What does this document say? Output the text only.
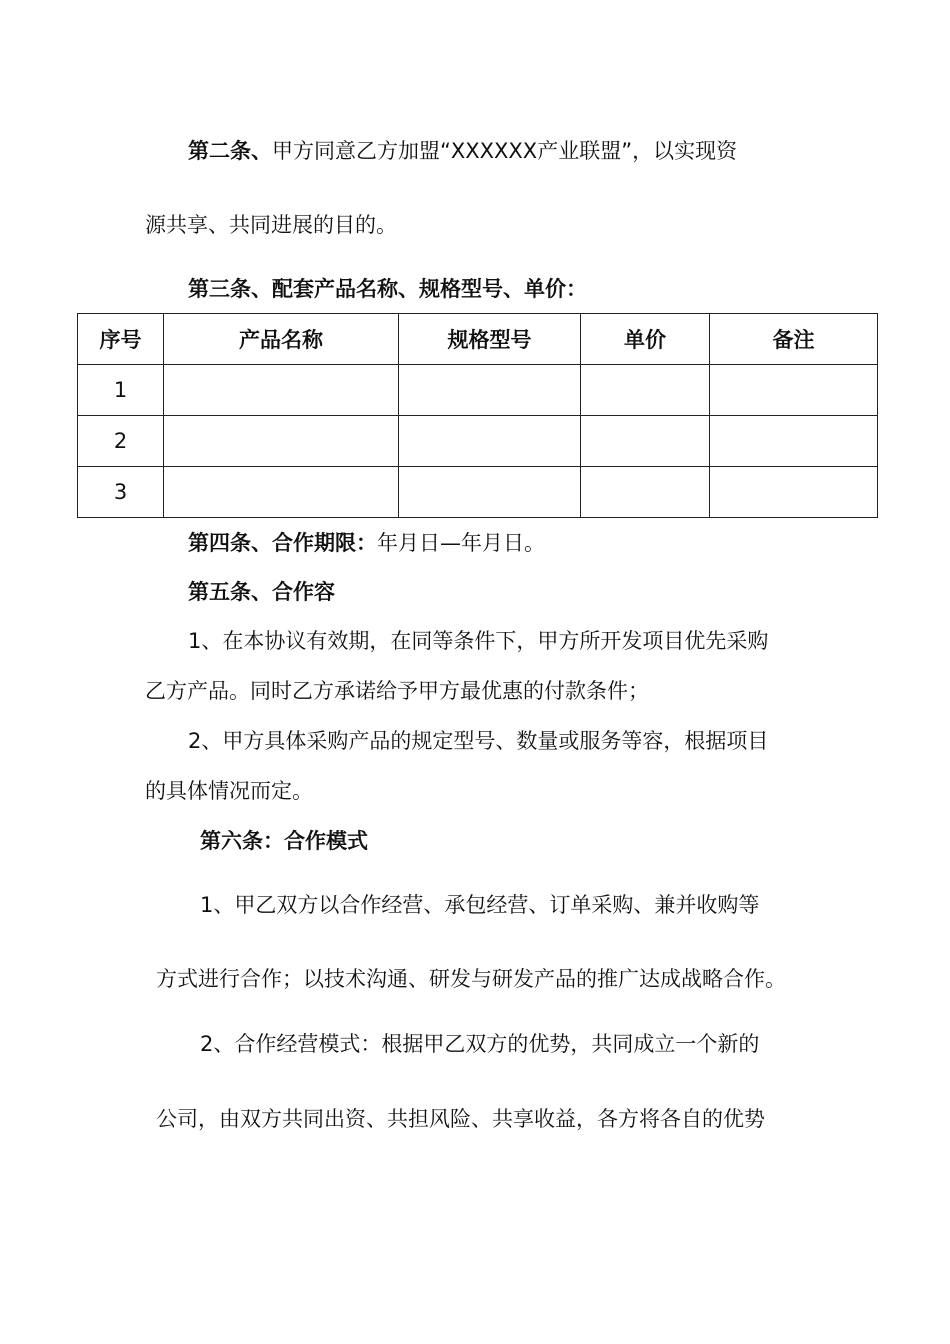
第二条、甲方同意乙方加盟“XXXXXX产业联盟”，以实现资
源共享、共同进展的目的。
第三条、配套产品名称、规格型号、单价：
序号	产品名称	规格型号	单价	备注
1				
2				
3				
第四条、合作期限：年月日—年月日。
第五条、合作容
1、在本协议有效期，在同等条件下，甲方所开发项目优先采购
乙方产品。同时乙方承诺给予甲方最优惠的付款条件；
2、甲方具体采购产品的规定型号、数量或服务等容，根据项目
的具体情况而定。
第六条：合作模式
1、甲乙双方以合作经营、承包经营、订单采购、兼并收购等
方式进行合作；以技术沟通、研发与研发产品的推广达成战略合作。
2、合作经营模式：根据甲乙双方的优势，共同成立一个新的
公司，由双方共同出资、共担风险、共享收益，各方将各自的优势
